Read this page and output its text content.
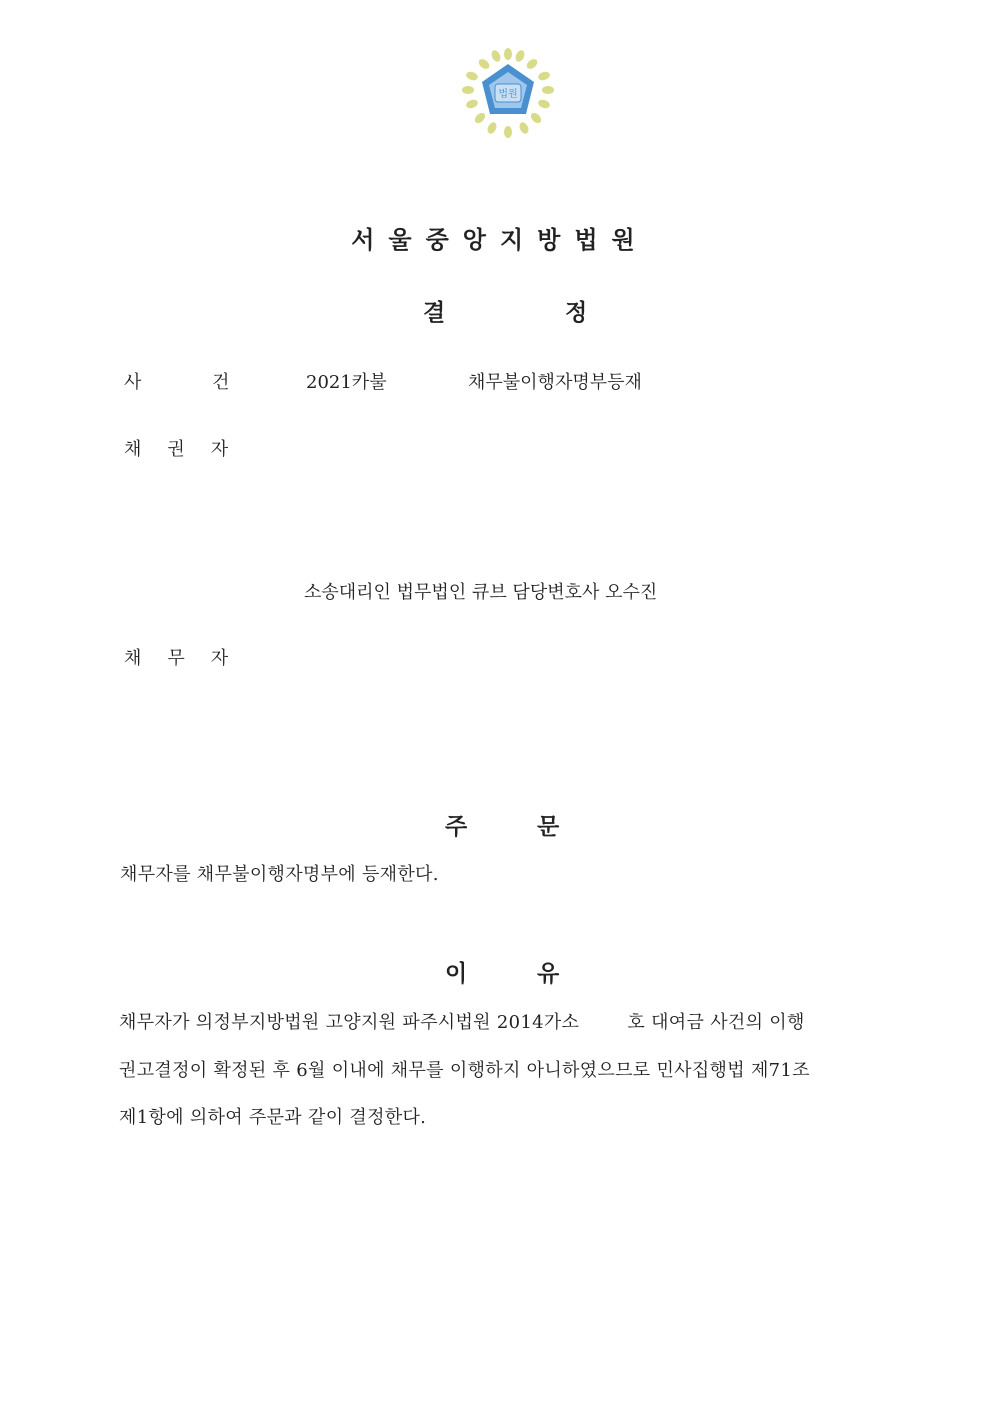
법원
서울중앙지방법원
결	정
사	건	2021카불	채무불이행자명부등재
채권자
소송대리인 법무법인 큐브 담당변호사 오수진
채무자
주	문
채무자를 채무불이행자명부에 등재한다.
이	유
채무자가 의정부지방법원 고양지원 파주시법원 2014가소        호 대여금 사건의 이행
권고결정이 확정된 후 6월 이내에 채무를 이행하지 아니하였으므로 민사집행법 제71조
제1항에 의하여 주문과 같이 결정한다.
